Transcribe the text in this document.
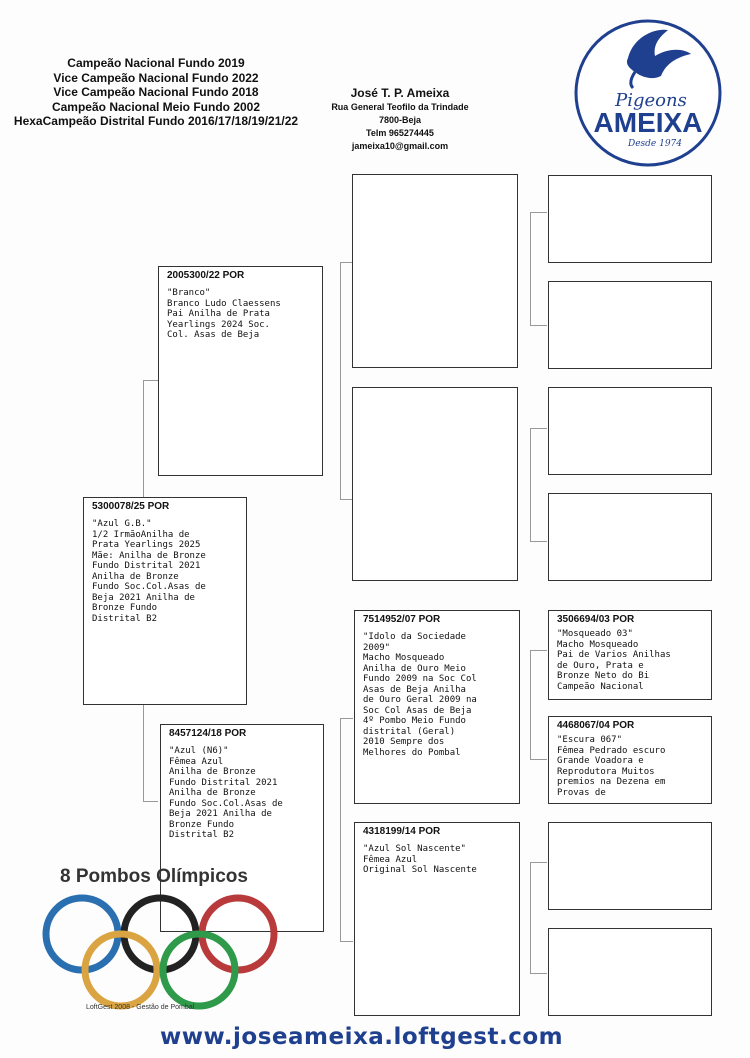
Campeão Nacional Fundo 2019
Vice Campeão Nacional Fundo 2022
Vice Campeão Nacional Fundo 2018
Campeão Nacional Meio Fundo 2002
HexaCampeão Distrital Fundo 2016/17/18/19/21/22
José T. P. Ameixa
Rua General Teofilo da Trindade
7800-Beja
Telm 965274445
jameixa10@gmail.com
Pigeons
AMEIXA
Desde 1974
5300078/25 POR
"Azul G.B."
1/2 IrmãoAnilha de
Prata Yearlings 2025
Mãe: Anilha de Bronze
Fundo Distrital 2021
Anilha de Bronze
Fundo Soc.Col.Asas de
Beja 2021 Anilha de
Bronze Fundo
Distrital B2
2005300/22 POR
"Branco"
Branco Ludo Claessens
Pai Anilha de Prata
Yearlings 2024 Soc.
Col. Asas de Beja
8457124/18 POR
"Azul (N6)"
Fêmea Azul
Anilha de Bronze
Fundo Distrital 2021
Anilha de Bronze
Fundo Soc.Col.Asas de
Beja 2021 Anilha de
Bronze Fundo
Distrital B2
7514952/07 POR
"Idolo da Sociedade
2009"
Macho Mosqueado
Anilha de Ouro Meio
Fundo 2009 na Soc Col
Asas de Beja Anilha
de Ouro Geral 2009 na
Soc Col Asas de Beja
4º Pombo Meio Fundo
distrital (Geral)
2010 Sempre dos
Melhores do Pombal
4318199/14 POR
"Azul Sol Nascente"
Fêmea Azul
Original Sol Nascente
3506694/03 POR
"Mosqueado 03"
Macho Mosqueado
Pai de Varios Anilhas
de Ouro, Prata e
Bronze Neto do Bi
Campeão Nacional
4468067/04 POR
"Escura 067"
Fêmea Pedrado escuro
Grande Voadora e
Reprodutora Muitos
premios na Dezena em
Provas de
8 Pombos Olímpicos
LoftGest 2008 - Gestão de Pombal
www.joseameixa.loftgest.com
